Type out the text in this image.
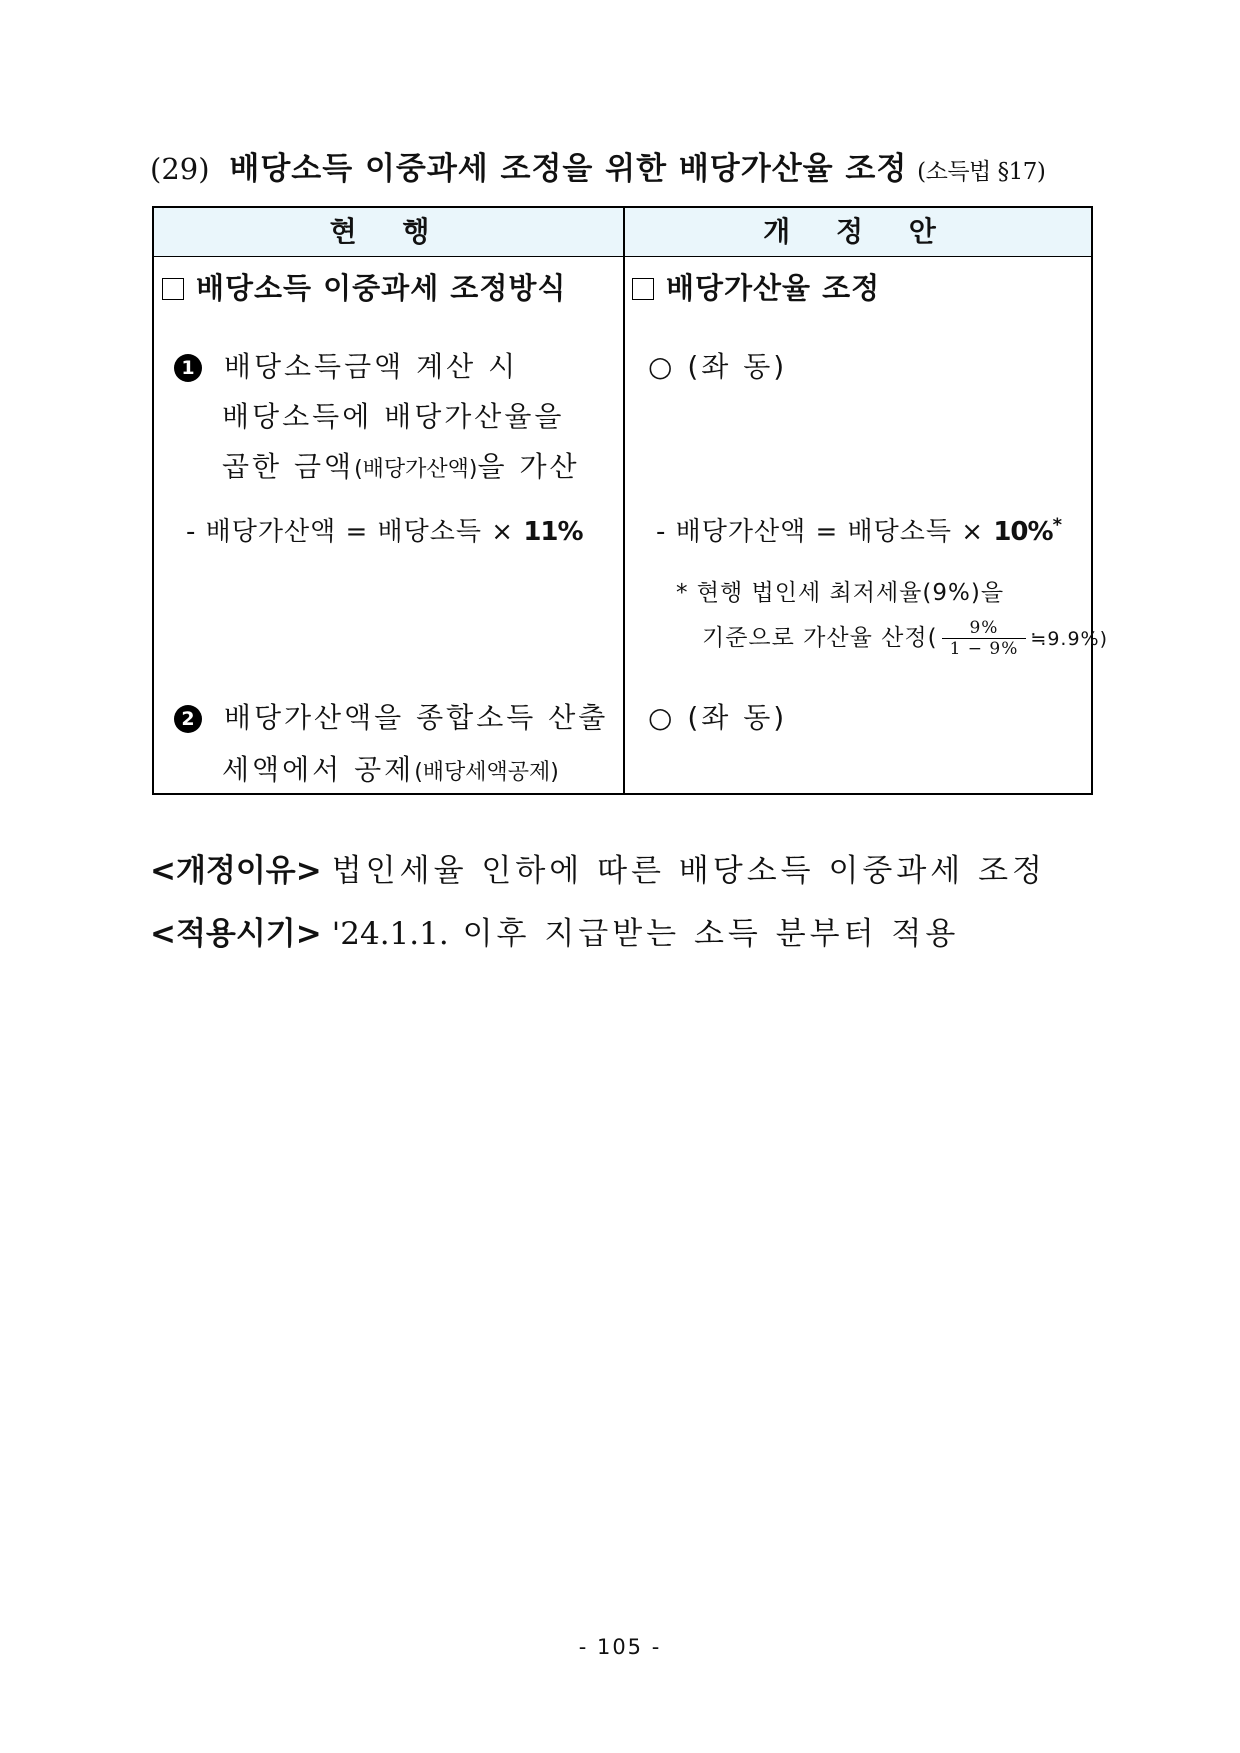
(29) 배당소득 이중과세 조정을 위한 배당가산율 조정 (소득법 §17)
현 행	개 정 안
배당소득 이중과세 조정방식
1 배당소득금액 계산 시
배당소득에 배당가산율을
곱한 금액(배당가산액)을 가산
- 배당가산액 = 배당소득 × 11%
2 배당가산액을 종합소득 산출
세액에서 공제(배당세액공제)
배당가산율 조정
○ (좌 동)
- 배당가산액 = 배당소득 × 10%*
* 현행 법인세 최저세율(9%)을
기준으로 가산율 산정( $\frac{9\%}{1 - 9\%}$ ≒9.9%)
○ (좌 동)
<개정이유> 법인세율 인하에 따른 배당소득 이중과세 조정
<적용시기> '24.1.1. 이후 지급받는 소득 분부터 적용
- 105 -
